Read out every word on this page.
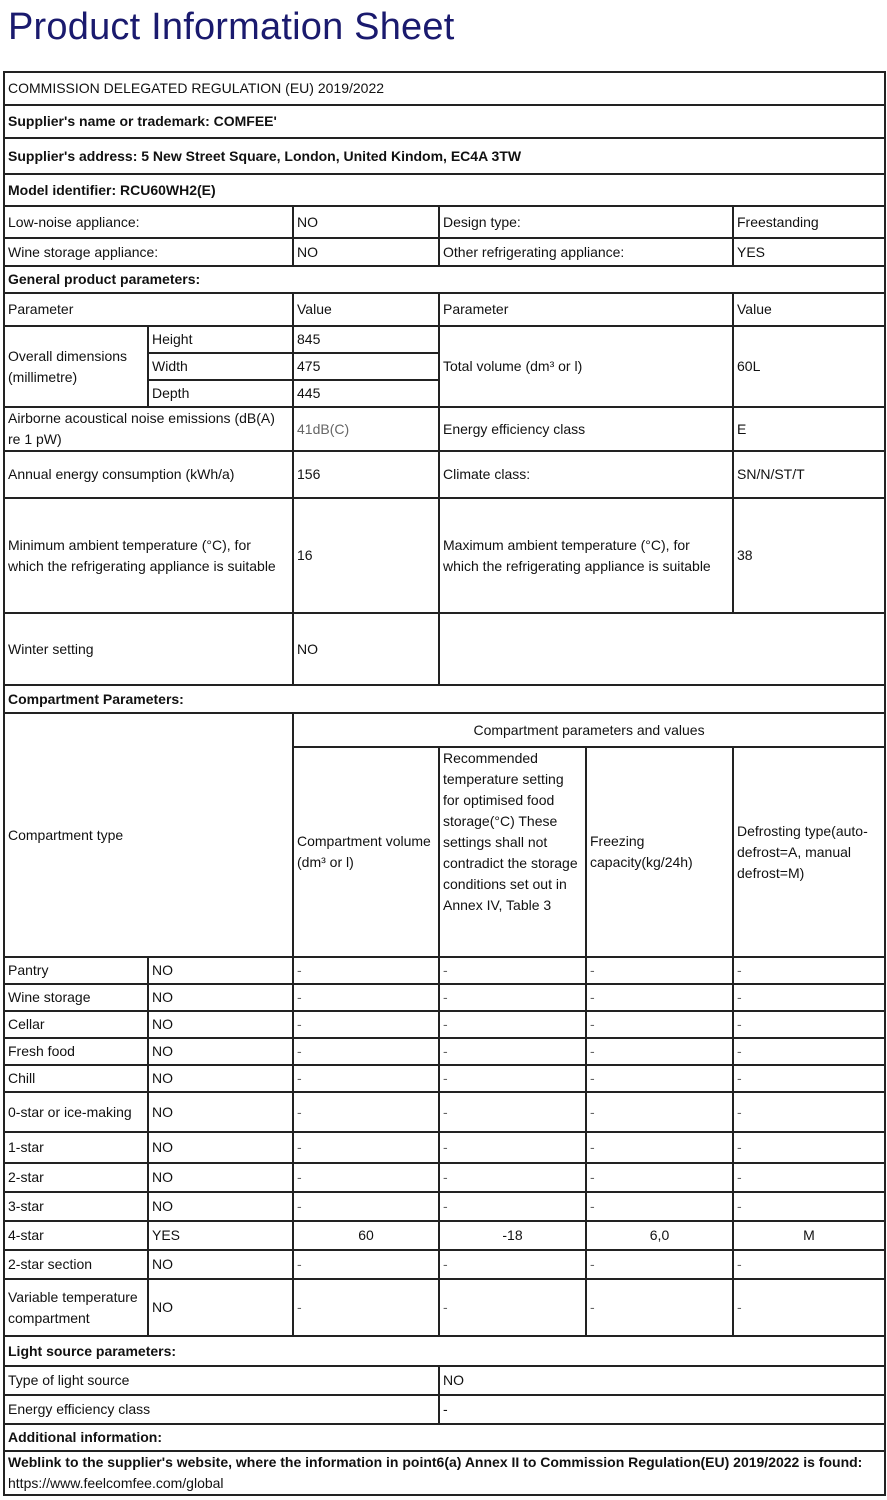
Product Information Sheet
COMMISSION DELEGATED REGULATION (EU) 2019/2022					
Supplier's name or trademark: COMFEE'					
Supplier's address: 5 New Street Square, London, United Kindom, EC4A 3TW					
Model identifier: RCU60WH2(E)					
Low-noise appliance:		NO	Design type:		Freestanding
Wine storage appliance:		NO	Other refrigerating appliance:		YES
General product parameters:					
Parameter		Value	Parameter		Value
Overall dimensions (millimetre)	Height	845	Total volume (dm³ or l)		60L
	Width	475			
	Depth	445			
Airborne acoustical noise emissions (dB(A) re 1 pW)		41dB(C)	Energy efficiency class		E
Annual energy consumption (kWh/a)		156	Climate class:		SN/N/ST/T
Minimum ambient temperature (°C), for which the refrigerating appliance is suitable		16	Maximum ambient temperature (°C), for which the refrigerating appliance is suitable		38
Winter setting		NO			
Compartment Parameters:					
Compartment type		Compartment parameters and values			
		Compartment volume (dm³ or l)	Recommended temperature setting for optimised food storage(°C) These settings shall not contradict the storage conditions set out in Annex IV, Table 3	Freezing capacity(kg/24h)	Defrosting type(auto-defrost=A, manual defrost=M)
Pantry	NO	-	-	-	-
Wine storage	NO	-	-	-	-
Cellar	NO	-	-	-	-
Fresh food	NO	-	-	-	-
Chill	NO	-	-	-	-
0-star or ice-making	NO	-	-	-	-
1-star	NO	-	-	-	-
2-star	NO	-	-	-	-
3-star	NO	-	-	-	-
4-star	YES	60	-18	6,0	M
2-star section	NO	-	-	-	-
Variable temperature compartment	NO	-	-	-	-
Light source parameters:					
Type of light source			NO		
Energy efficiency class			-		
Additional information:					
Weblink to the supplier's website, where the information in point6(a) Annex II to Commission Regulation(EU) 2019/2022 is found:
https://www.feelcomfee.com/global					
